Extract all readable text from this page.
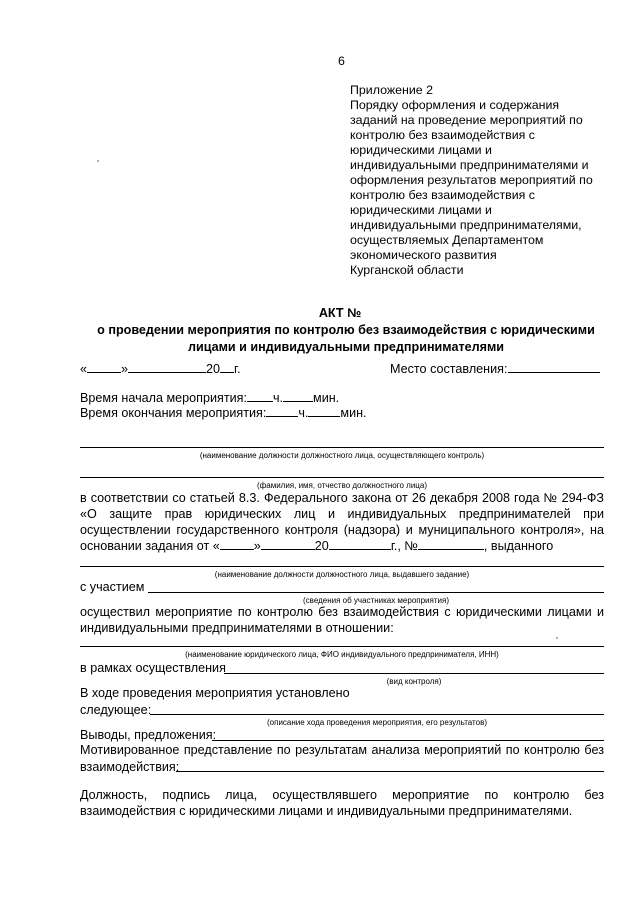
6
Приложение 2
Порядку оформления и содержания
заданий на проведение мероприятий по
контролю без взаимодействия с
юридическими лицами и
индивидуальными предпринимателями и
оформления результатов мероприятий по
контролю без взаимодействия с
юридическими лицами и
индивидуальными предпринимателями,
осуществляемых Департаментом
экономического развития
Курганской области
АКТ №
о проведении мероприятия по контролю без взаимодействия с юридическими
лицами и индивидуальными предпринимателями
«	»	20 г.	Место составления:
Время начала мероприятия: ч. мин.
Время окончания мероприятия:	ч.	мин.
(наименование должности должностного лица, осуществляющего контроль)
(фамилия, имя, отчество должностного лица)
в соответствии со статьей 8.3. Федерального закона от 26 декабря 2008 года № 294-ФЗ
«О защите прав юридических лиц и индивидуальных предпринимателей при
осуществлении государственного контроля (надзора) и муниципального контроля», на
основании задания от «	»	20	г., №	, выданного
(наименование должности должностного лица, выдавшего задание)
с участием
(сведения об участниках мероприятия)
осуществил мероприятие по контролю без взаимодействия с юридическими лицами и
индивидуальными предпринимателями в отношении:
(наименование юридического лица, ФИО индивидуального предпринимателя, ИНН)
в рамках осуществления
(вид контроля)
В ходе проведения мероприятия установлено
следующее:
(описание хода проведения мероприятия, его результатов)
Выводы, предложения:
Мотивированное представление по результатам анализа мероприятий по контролю без
взаимодействия:
Должность, подпись лица, осуществлявшего мероприятие по контролю без
взаимодействия с юридическими лицами и индивидуальными предпринимателями.
